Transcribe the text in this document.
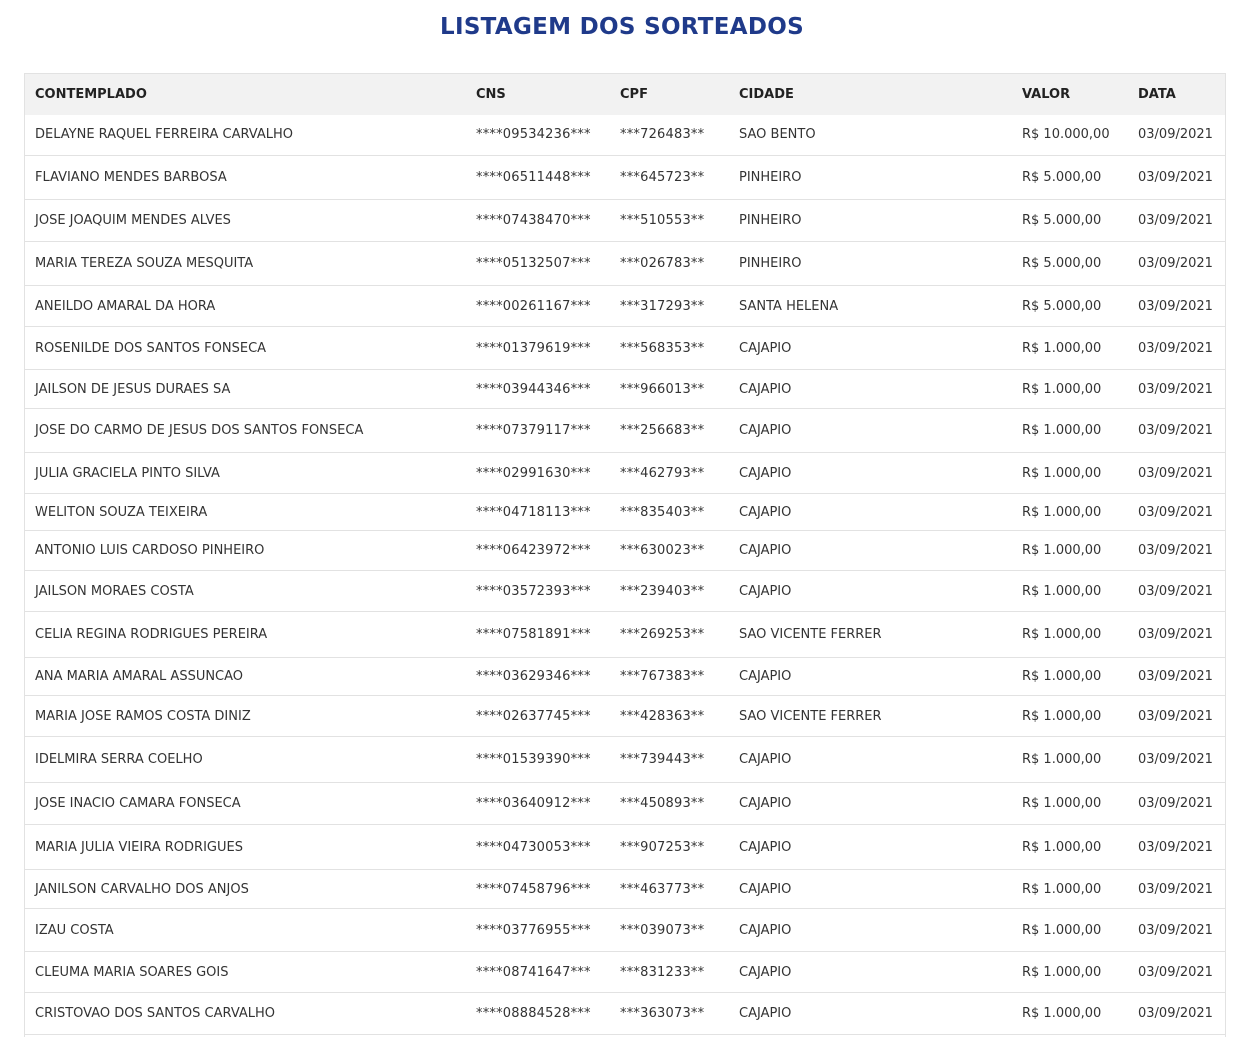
LISTAGEM DOS SORTEADOS
CONTEMPLADO	CNS	CPF	CIDADE	VALOR	DATA
DELAYNE RAQUEL FERREIRA CARVALHO	****09534236***	***726483**	SAO BENTO	R$ 10.000,00	03/09/2021
FLAVIANO MENDES BARBOSA	****06511448***	***645723**	PINHEIRO	R$ 5.000,00	03/09/2021
JOSE JOAQUIM MENDES ALVES	****07438470***	***510553**	PINHEIRO	R$ 5.000,00	03/09/2021
MARIA TEREZA SOUZA MESQUITA	****05132507***	***026783**	PINHEIRO	R$ 5.000,00	03/09/2021
ANEILDO AMARAL DA HORA	****00261167***	***317293**	SANTA HELENA	R$ 5.000,00	03/09/2021
ROSENILDE DOS SANTOS FONSECA	****01379619***	***568353**	CAJAPIO	R$ 1.000,00	03/09/2021
JAILSON DE JESUS DURAES SA	****03944346***	***966013**	CAJAPIO	R$ 1.000,00	03/09/2021
JOSE DO CARMO DE JESUS DOS SANTOS FONSECA	****07379117***	***256683**	CAJAPIO	R$ 1.000,00	03/09/2021
JULIA GRACIELA PINTO SILVA	****02991630***	***462793**	CAJAPIO	R$ 1.000,00	03/09/2021
WELITON SOUZA TEIXEIRA	****04718113***	***835403**	CAJAPIO	R$ 1.000,00	03/09/2021
ANTONIO LUIS CARDOSO PINHEIRO	****06423972***	***630023**	CAJAPIO	R$ 1.000,00	03/09/2021
JAILSON MORAES COSTA	****03572393***	***239403**	CAJAPIO	R$ 1.000,00	03/09/2021
CELIA REGINA RODRIGUES PEREIRA	****07581891***	***269253**	SAO VICENTE FERRER	R$ 1.000,00	03/09/2021
ANA MARIA AMARAL ASSUNCAO	****03629346***	***767383**	CAJAPIO	R$ 1.000,00	03/09/2021
MARIA JOSE RAMOS COSTA DINIZ	****02637745***	***428363**	SAO VICENTE FERRER	R$ 1.000,00	03/09/2021
IDELMIRA SERRA COELHO	****01539390***	***739443**	CAJAPIO	R$ 1.000,00	03/09/2021
JOSE INACIO CAMARA FONSECA	****03640912***	***450893**	CAJAPIO	R$ 1.000,00	03/09/2021
MARIA JULIA VIEIRA RODRIGUES	****04730053***	***907253**	CAJAPIO	R$ 1.000,00	03/09/2021
JANILSON CARVALHO DOS ANJOS	****07458796***	***463773**	CAJAPIO	R$ 1.000,00	03/09/2021
IZAU COSTA	****03776955***	***039073**	CAJAPIO	R$ 1.000,00	03/09/2021
CLEUMA MARIA SOARES GOIS	****08741647***	***831233**	CAJAPIO	R$ 1.000,00	03/09/2021
CRISTOVAO DOS SANTOS CARVALHO	****08884528***	***363073**	CAJAPIO	R$ 1.000,00	03/09/2021
